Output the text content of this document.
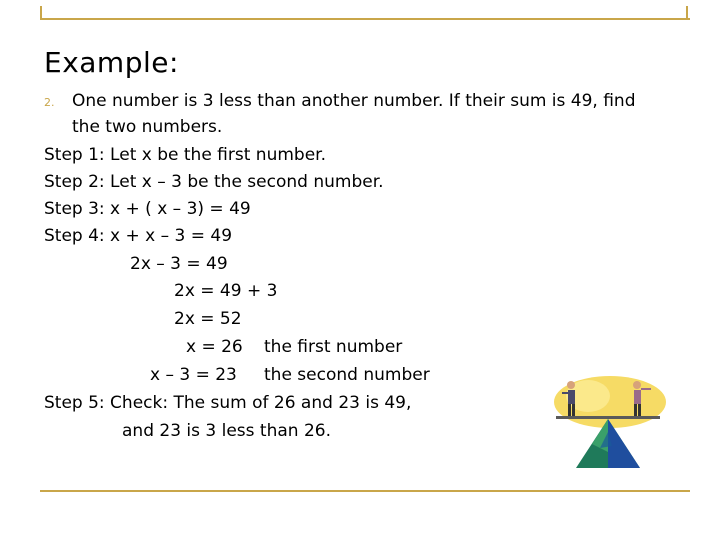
Example:
2. One number is 3 less than another number. If their sum is 49, find
the two numbers.
Step 1: Let x be the first number.
Step 2: Let x – 3 be the second number.
Step 3: x + ( x – 3) = 49
Step 4: x + x – 3 = 49
2x – 3 = 49
2x = 49 + 3
2x = 52
x = 26 the first number
x – 3 = 23 the second number
Step 5: Check: The sum of 26 and 23 is 49,
and 23 is 3 less than 26.
